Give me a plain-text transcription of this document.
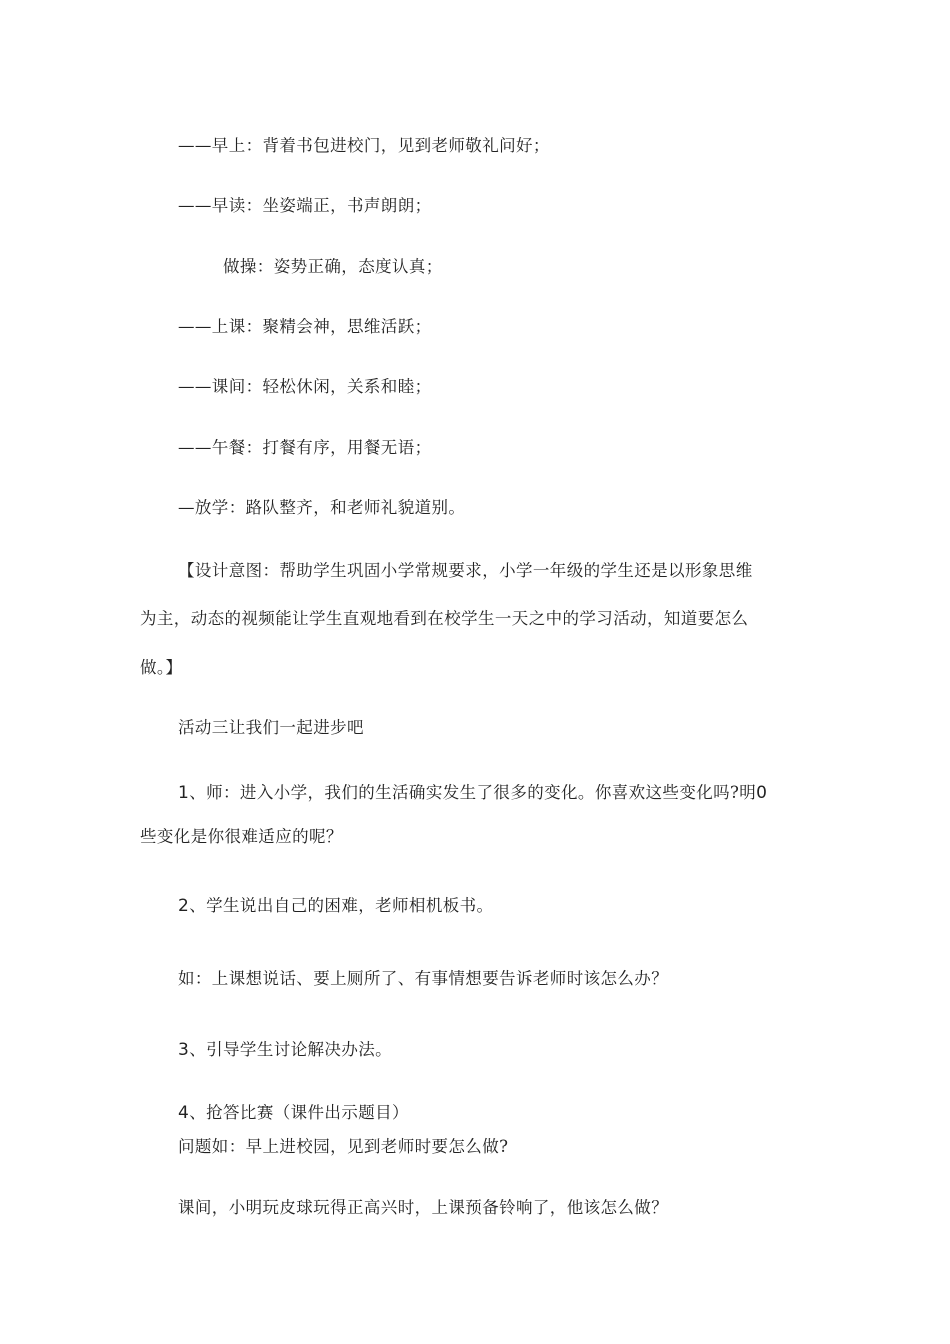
——早上：背着书包进校门，见到老师敬礼问好；
——早读：坐姿端正，书声朗朗；
做操：姿势正确，态度认真；
——上课：聚精会神，思维活跃；
——课间：轻松休闲，关系和睦；
——午餐：打餐有序，用餐无语；
—放学：路队整齐，和老师礼貌道别。
【设计意图：帮助学生巩固小学常规要求，小学一年级的学生还是以形象思维
为主，动态的视频能让学生直观地看到在校学生一天之中的学习活动，知道要怎么
做。】
活动三让我们一起进步吧
1、师：进入小学，我们的生活确实发生了很多的变化。你喜欢这些变化吗?明0
些变化是你很难适应的呢？
2、学生说出自己的困难，老师相机板书。
如：上课想说话、要上厕所了、有事情想要告诉老师时该怎么办？
3、引导学生讨论解决办法。
4、抢答比赛（课件出示题目）
问题如：早上进校园，见到老师时要怎么做?
课间，小明玩皮球玩得正高兴时，上课预备铃响了，他该怎么做？
